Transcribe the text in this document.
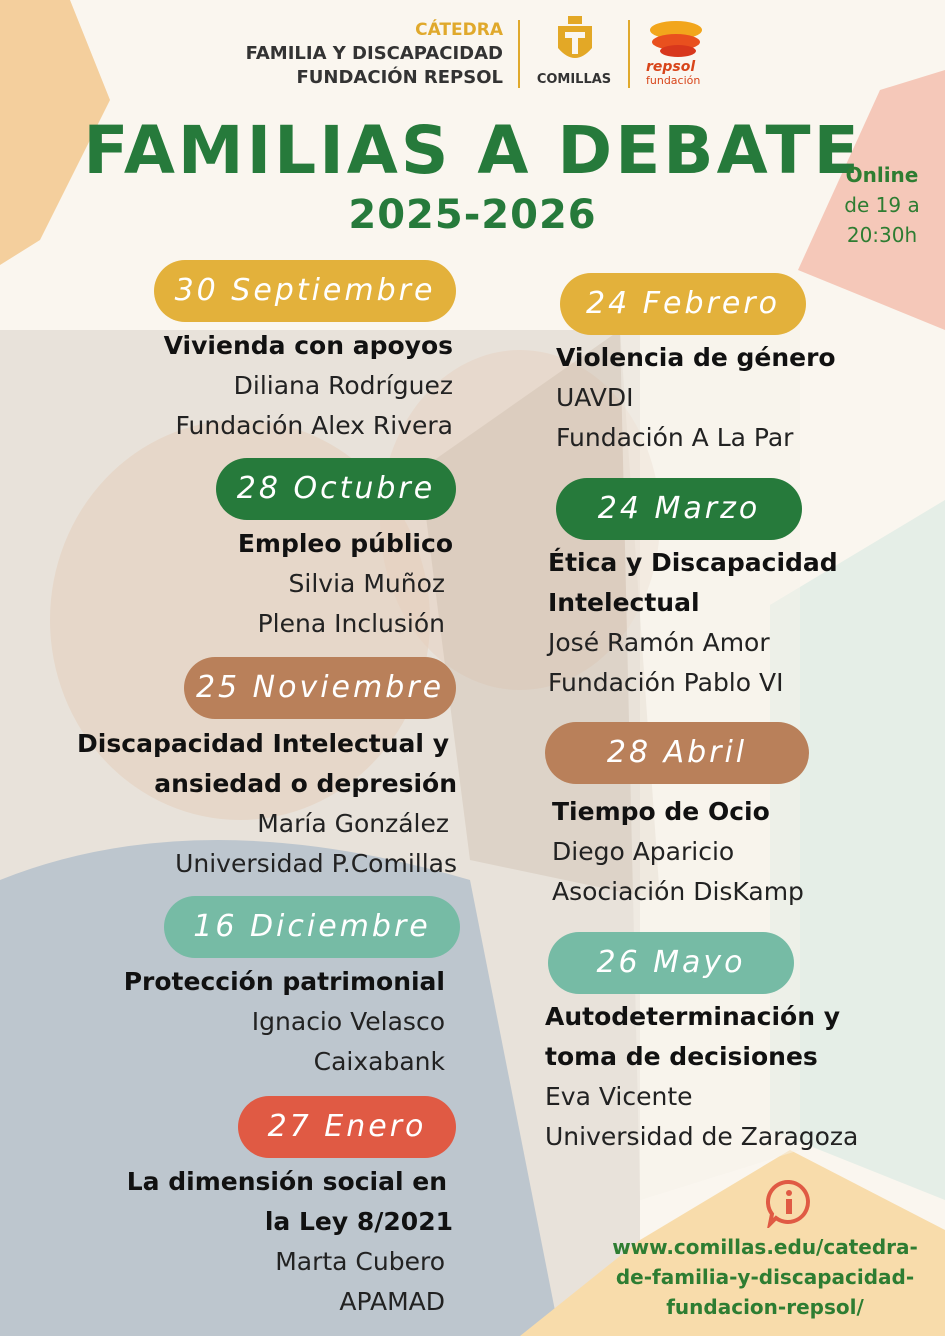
CÁTEDRA
FAMILIA Y DISCAPACIDAD
FUNDACIÓN REPSOL	COMILLAS
repsol
fundación
FAMILIAS A DEBATE
2025-2026
Online
de 19 a
20:30h
30 Septiembre
Vivienda con apoyos
Diliana Rodríguez
Fundación Alex Rivera
28 Octubre
Empleo público
Silvia Muñoz
Plena Inclusión
25 Noviembre
Discapacidad Intelectual y
ansiedad o depresión
María González
Universidad P.Comillas
16 Diciembre
Protección patrimonial
Ignacio Velasco
Caixabank
27 Enero
La dimensión social en
la Ley 8/2021
Marta Cubero
APAMAD
24 Febrero
Violencia de género
UAVDI
Fundación A La Par
24 Marzo
Ética y Discapacidad
Intelectual
José Ramón Amor
Fundación Pablo VI
28 Abril
Tiempo de Ocio
Diego Aparicio
Asociación DisKamp
26 Mayo
Autodeterminación y
toma de decisiones
Eva Vicente
Universidad de Zaragoza
www.comillas.edu/catedra-
de-familia-y-discapacidad-
fundacion-repsol/
